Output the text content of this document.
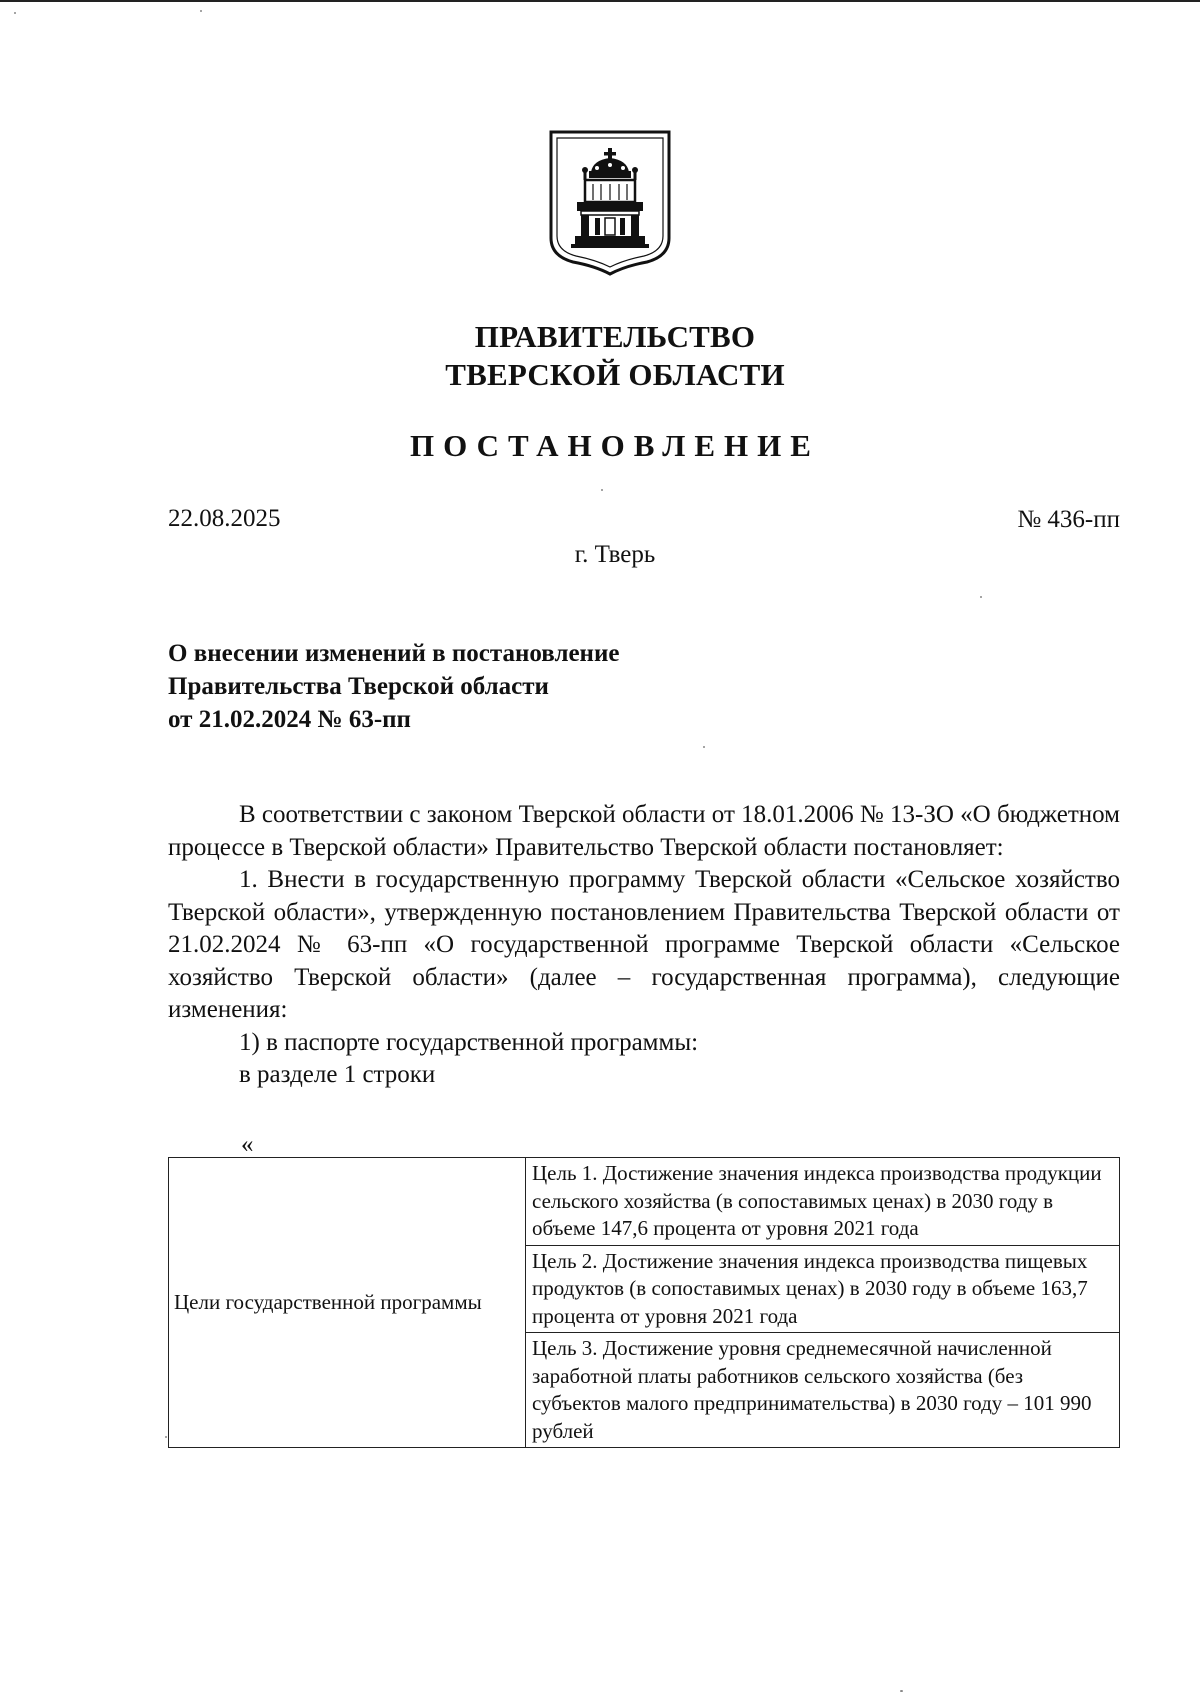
ПРАВИТЕЛЬСТВО
ТВЕРСКОЙ ОБЛАСТИ
ПОСТАНОВЛЕНИЕ
22.08.2025	№ 436-пп
г. Тверь
О внесении изменений в постановление
Правительства Тверской области
от 21.02.2024 № 63-пп

В соответствии с законом Тверской области от 18.01.2006 № 13-ЗО «О бюджетном процессе в Тверской области» Правительство Тверской области постановляет:

1. Внести в государственную программу Тверской области «Сельское хозяйство Тверской области», утвержденную постановлением Правительства Тверской области от 21.02.2024 № 63-пп «О государственной программе Тверской области «Сельское хозяйство Тверской области» (далее – государственная программа), следующие изменения:

1) в паспорте государственной программы:

в разделе 1 строки

«
Цели государственной программы	Цель 1. Достижение значения индекса производства продукции сельского хозяйства (в сопоставимых ценах) в 2030 году в объеме 147,6 процента от уровня 2021 года
Цель 2. Достижение значения индекса производства пищевых продуктов (в сопоставимых ценах) в 2030 году в объеме 163,7 процента от уровня 2021 года
Цель 3. Достижение уровня среднемесячной начисленной заработной платы работников сельского хозяйства (без субъектов малого предпринимательства) в 2030 году – 101 990 рублей
